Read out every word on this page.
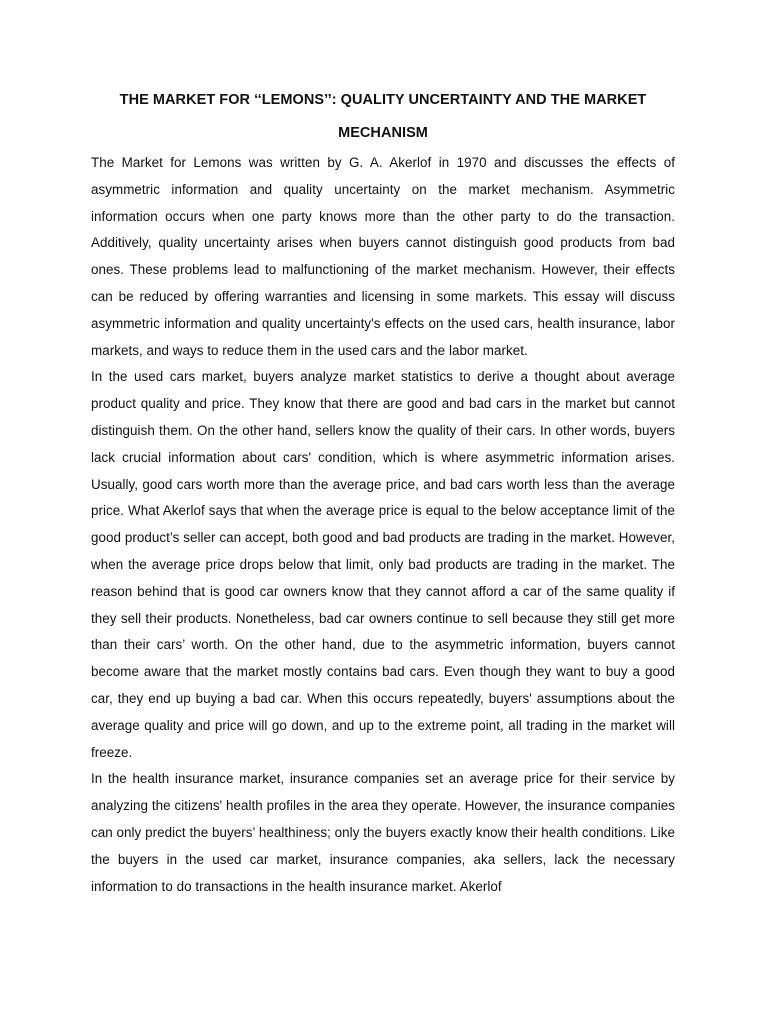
THE MARKET FOR ‘‘LEMONS’’: QUALITY UNCERTAINTY AND THE MARKET MECHANISM

The Market for Lemons was written by G. A. Akerlof in 1970 and discusses the effects of asymmetric information and quality uncertainty on the market mechanism. Asymmetric information occurs when one party knows more than the other party to do the transaction. Additively, quality uncertainty arises when buyers cannot distinguish good products from bad ones. These problems lead to malfunctioning of the market mechanism. However, their effects can be reduced by offering warranties and licensing in some markets. This essay will discuss asymmetric information and quality uncertainty's effects on the used cars, health insurance, labor markets, and ways to reduce them in the used cars and the labor market.

In the used cars market, buyers analyze market statistics to derive a thought about average product quality and price. They know that there are good and bad cars in the market but cannot distinguish them. On the other hand, sellers know the quality of their cars. In other words, buyers lack crucial information about cars' condition, which is where asymmetric information arises. Usually, good cars worth more than the average price, and bad cars worth less than the average price. What Akerlof says that when the average price is equal to the below acceptance limit of the good product’s seller can accept, both good and bad products are trading in the market. However, when the average price drops below that limit, only bad products are trading in the market. The reason behind that is good car owners know that they cannot afford a car of the same quality if they sell their products. Nonetheless, bad car owners continue to sell because they still get more than their cars’ worth. On the other hand, due to the asymmetric information, buyers cannot become aware that the market mostly contains bad cars. Even though they want to buy a good car, they end up buying a bad car. When this occurs repeatedly, buyers' assumptions about the average quality and price will go down, and up to the extreme point, all trading in the market will freeze.

In the health insurance market, insurance companies set an average price for their service by analyzing the citizens' health profiles in the area they operate. However, the insurance companies can only predict the buyers’ healthiness; only the buyers exactly know their health conditions. Like the buyers in the used car market, insurance companies, aka sellers, lack the necessary information to do transactions in the health insurance market. Akerlof
